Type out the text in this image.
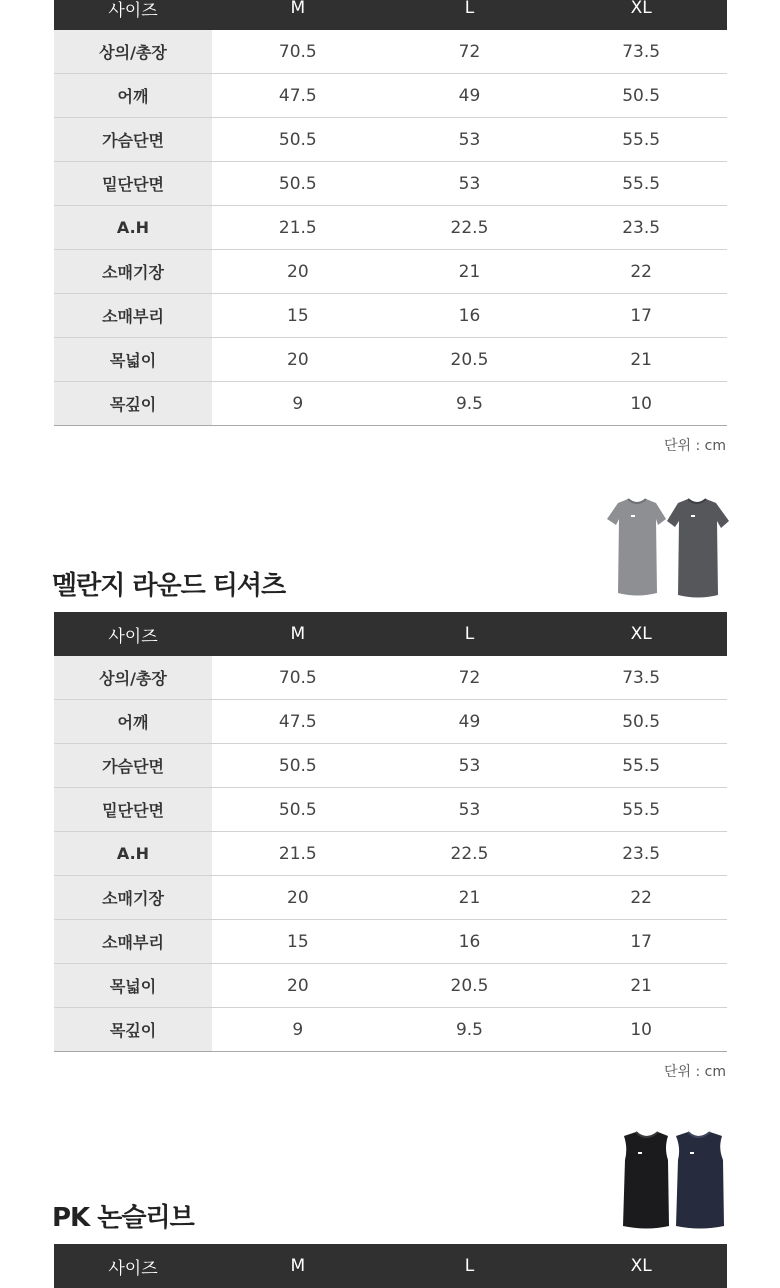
사이즈	M	L	XL
상의/총장	70.5	72	73.5
어깨	47.5	49	50.5
가슴단면	50.5	53	55.5
밑단단면	50.5	53	55.5
A.H	21.5	22.5	23.5
소매기장	20	21	22
소매부리	15	16	17
목넓이	20	20.5	21
목깊이	9	9.5	10
단위 : cm
멜란지 라운드 티셔츠
사이즈	M	L	XL
상의/총장	70.5	72	73.5
어깨	47.5	49	50.5
가슴단면	50.5	53	55.5
밑단단면	50.5	53	55.5
A.H	21.5	22.5	23.5
소매기장	20	21	22
소매부리	15	16	17
목넓이	20	20.5	21
목깊이	9	9.5	10
단위 : cm
PK 논슬리브
사이즈	M	L	XL
